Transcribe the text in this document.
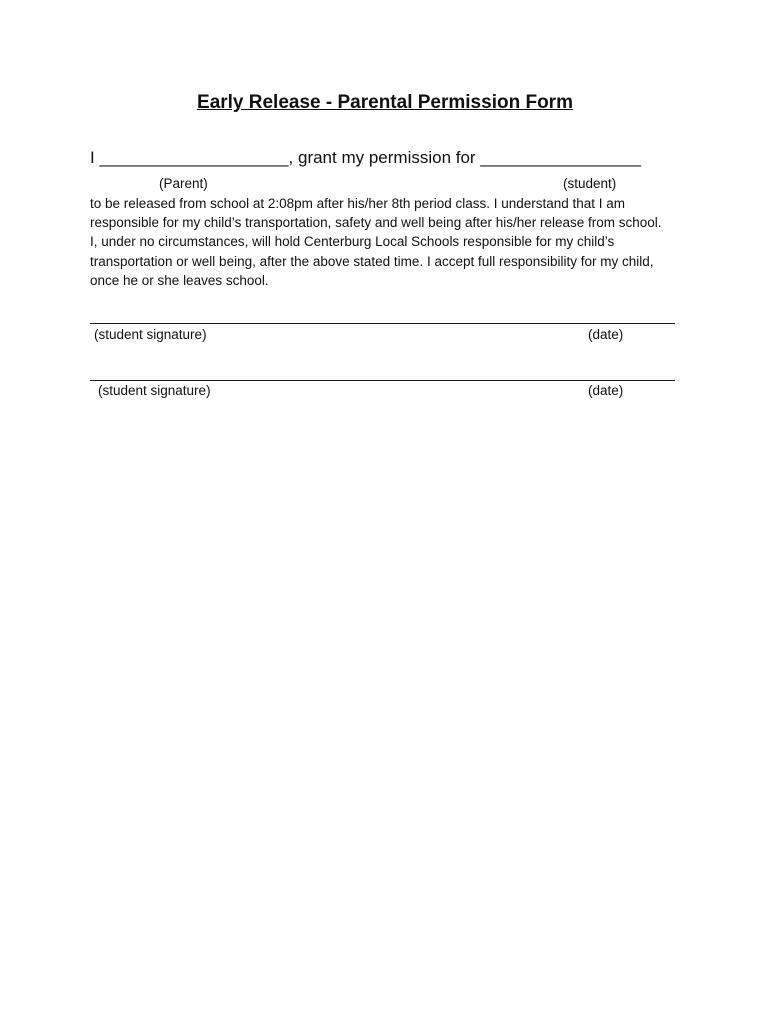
Early Release - Parental Permission Form
I ____________________, grant my permission for _________________
(Parent)	(student)
to be released from school at 2:08pm after his/her 8th period class. I understand that I am
responsible for my child’s transportation, safety and well being after his/her release from school.
I, under no circumstances, will hold Centerburg Local Schools responsible for my child’s
transportation or well being, after the above stated time. I accept full responsibility for my child,
once he or she leaves school.
(student signature)	(date)
(student signature)	(date)
